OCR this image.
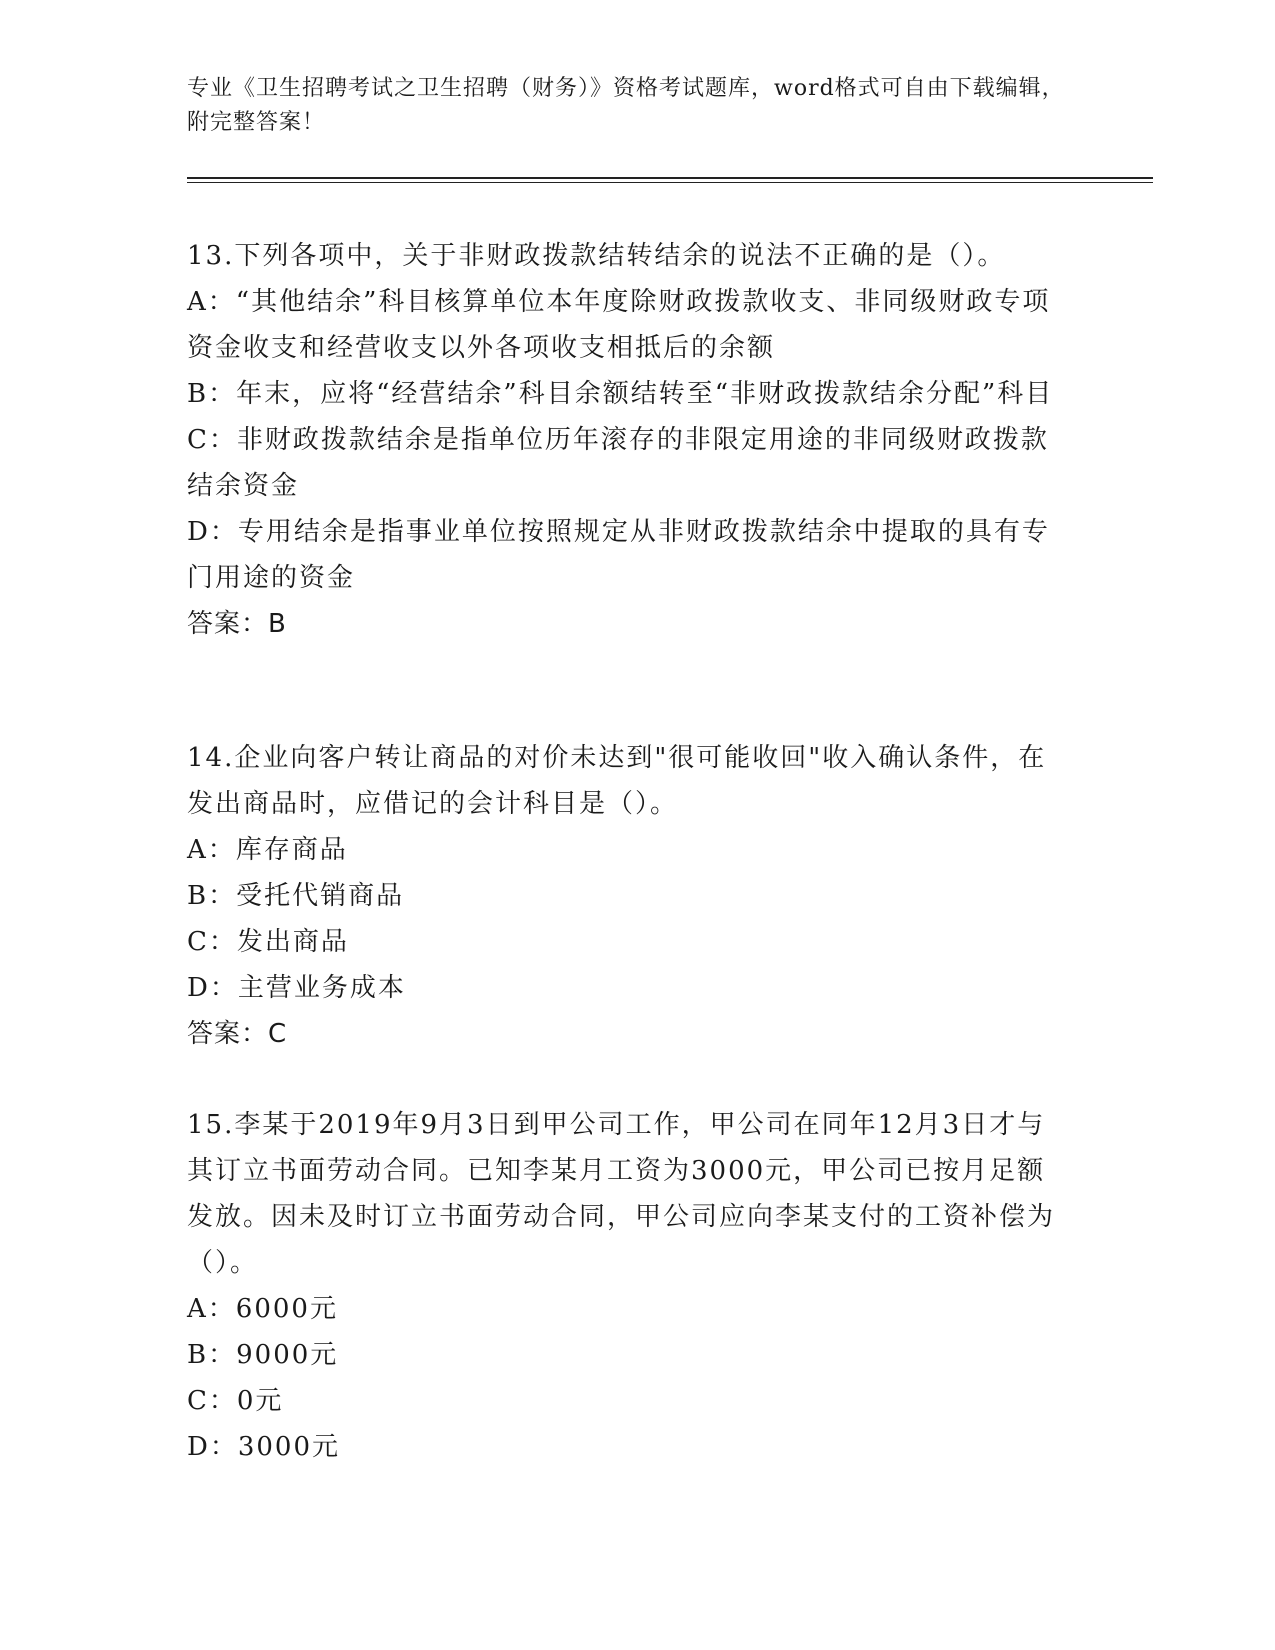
专业《卫生招聘考试之卫生招聘（财务）》资格考试题库，word格式可自由下载编辑，附完整答案！

13.下列各项中，关于非财政拨款结转结余的说法不正确的是（）。

A：“其他结余”科目核算单位本年度除财政拨款收支、非同级财政专项资金收支和经营收支以外各项收支相抵后的余额

B：年末，应将“经营结余”科目余额结转至“非财政拨款结余分配”科目

C：非财政拨款结余是指单位历年滚存的非限定用途的非同级财政拨款结余资金

D：专用结余是指事业单位按照规定从非财政拨款结余中提取的具有专门用途的资金

答案：B

14.企业向客户转让商品的对价未达到"很可能收回"收入确认条件，在发出商品时，应借记的会计科目是（）。

A：库存商品

B：受托代销商品

C：发出商品

D：主营业务成本

答案：C

15.李某于2019年9月3日到甲公司工作，甲公司在同年12月3日才与其订立书面劳动合同。已知李某月工资为3000元，甲公司已按月足额发放。因未及时订立书面劳动合同，甲公司应向李某支付的工资补偿为（）。

A：6000元

B：9000元

C：0元

D：3000元
